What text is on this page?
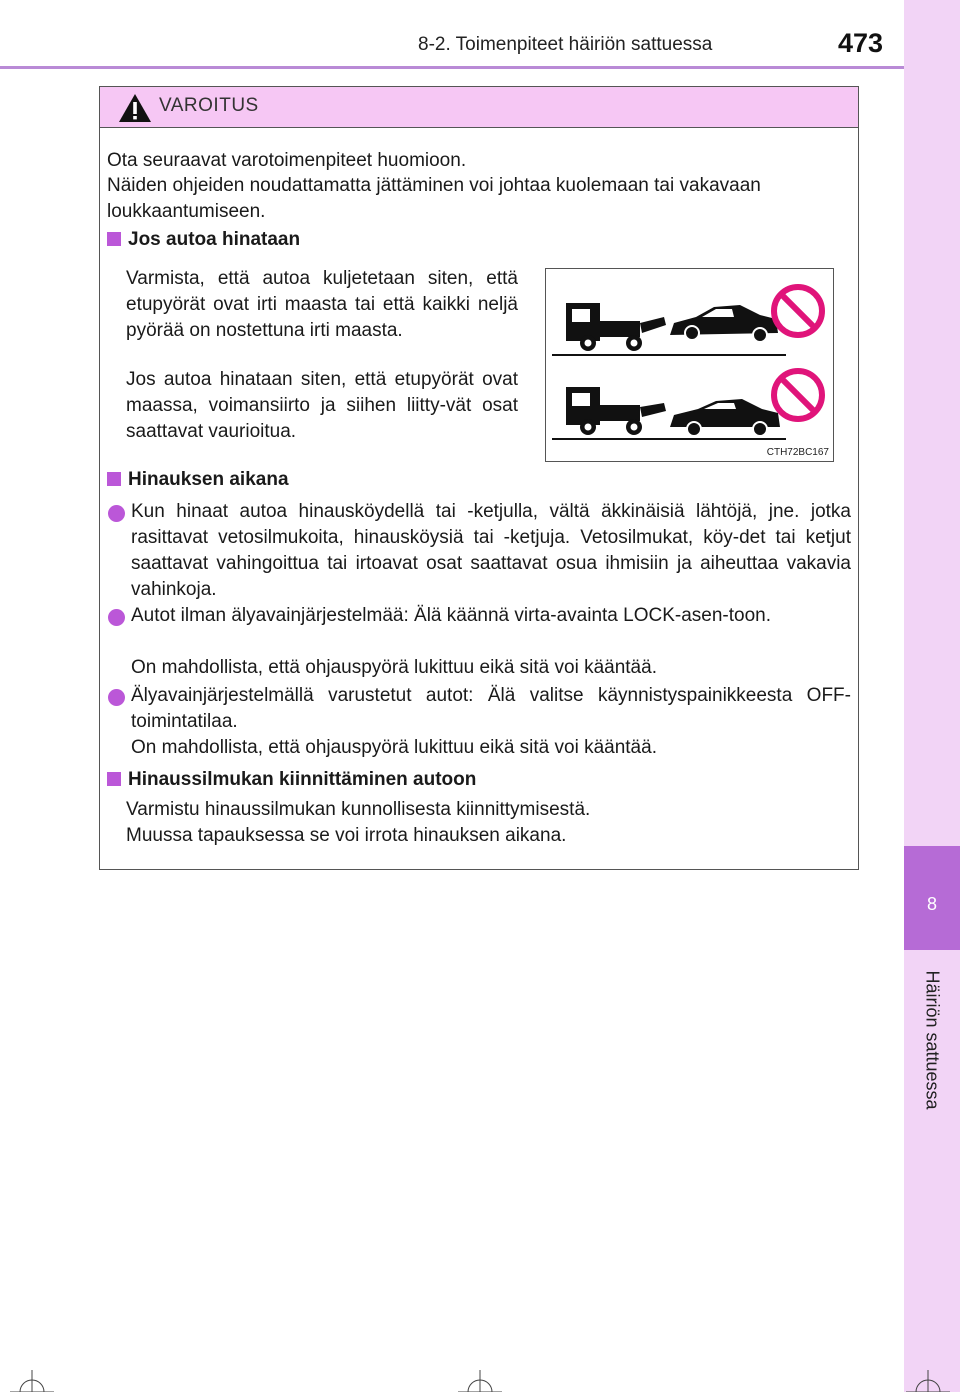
8-2. Toimenpiteet häiriön sattuessa	473
8
Häiriön sattuessa
VAROITUS
Ota seuraavat varotoimenpiteet huomioon.
Näiden ohjeiden noudattamatta jättäminen voi johtaa kuolemaan tai vakavaan loukkaantumiseen.
Jos autoa hinataan
Varmista, että autoa kuljetetaan siten, että etupyörät ovat irti maasta tai että kaikki neljä pyörää on nostettuna irti maasta.
Jos autoa hinataan siten, että etupyörät ovat maassa, voimansiirto ja siihen liitty-vät osat saattavat vaurioitua.
Hinauksen aikana
Kun hinaat autoa hinausköydellä tai -ketjulla, vältä äkkinäisiä lähtöjä, jne. jotka rasittavat vetosilmukoita, hinausköysiä tai -ketjuja. Vetosilmukat, köy-det tai ketjut saattavat vahingoittua tai irtoavat osat saattavat osua ihmisiin ja aiheuttaa vakavia vahinkoja.
Autot ilman älyavainjärjestelmää: Älä käännä virta-avainta LOCK-asen-toon.
On mahdollista, että ohjauspyörä lukittuu eikä sitä voi kääntää.
Älyavainjärjestelmällä varustetut autot: Älä valitse käynnistyspainikkeesta OFF-toimintatilaa.
On mahdollista, että ohjauspyörä lukittuu eikä sitä voi kääntää.
Hinaussilmukan kiinnittäminen autoon
Varmistu hinaussilmukan kunnollisesta kiinnittymisestä.
Muussa tapauksessa se voi irrota hinauksen aikana.
CTH72BC167
